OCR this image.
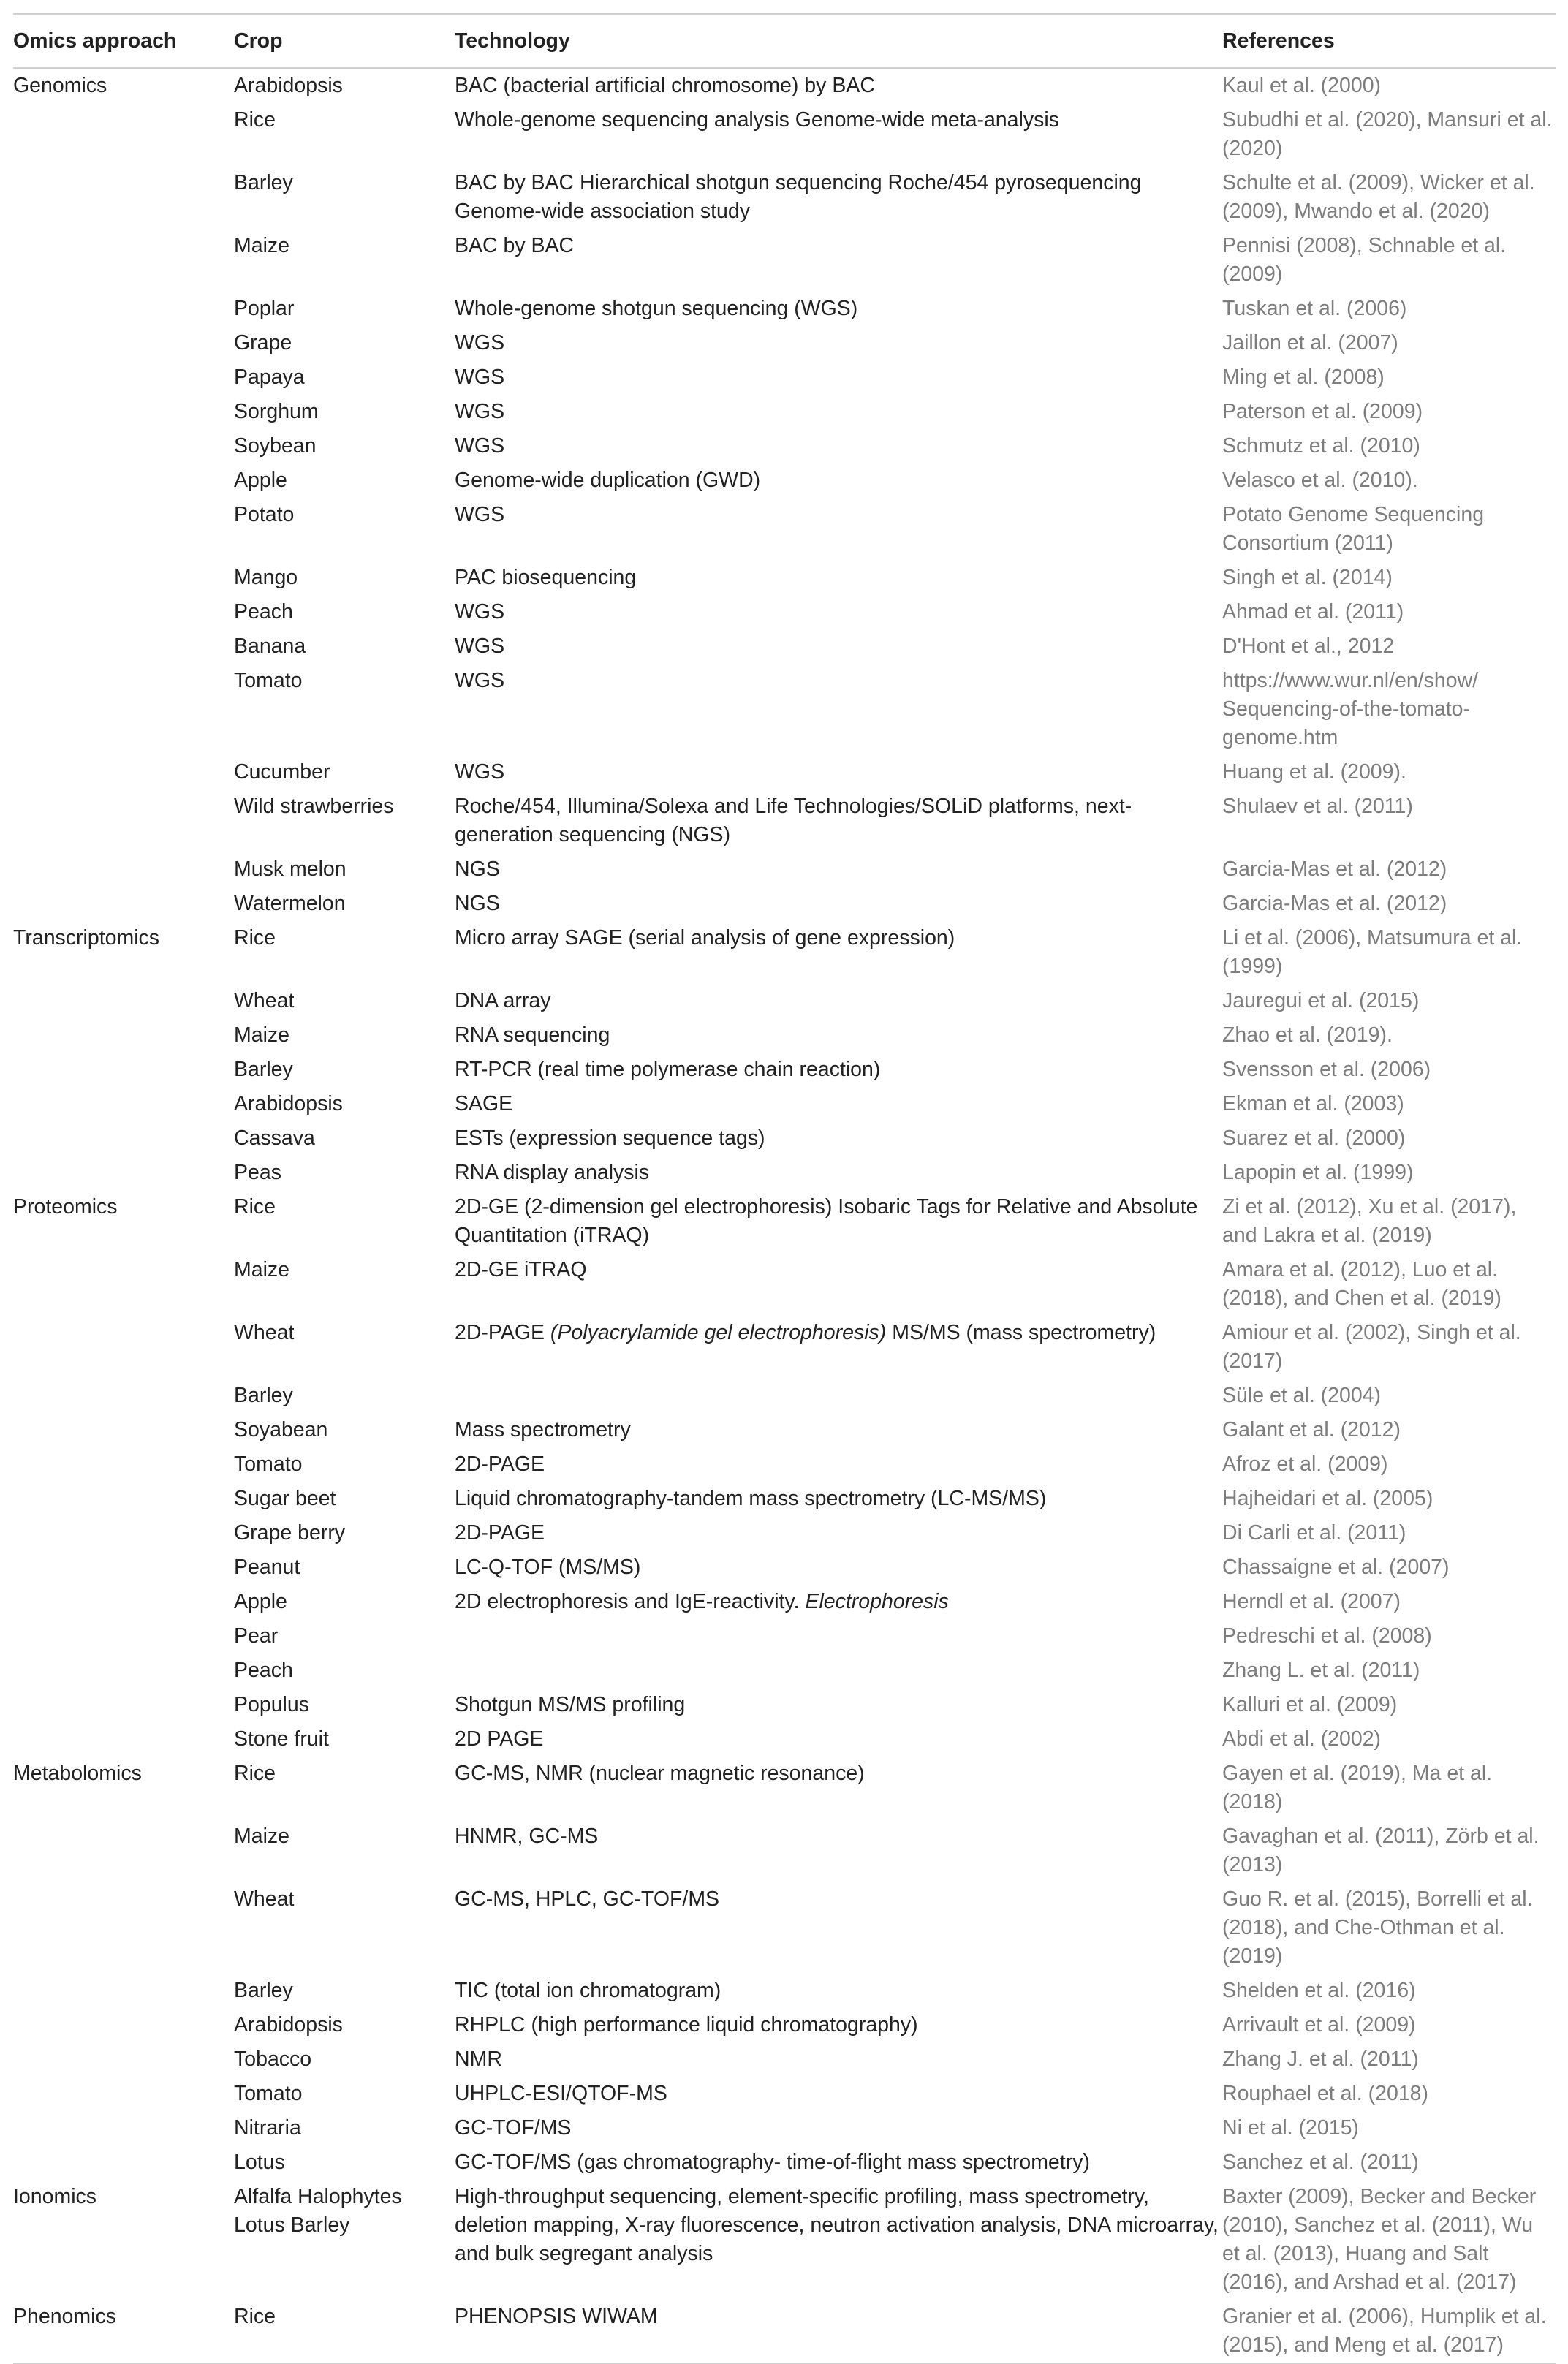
Omics approach	Crop	Technology	References
Genomics	Arabidopsis	BAC (bacterial artificial chromosome) by BAC	Kaul et al. (2000)
	Rice	Whole-genome sequencing analysis Genome-wide meta-analysis	Subudhi et al. (2020), Mansuri et al. (2020)
	Barley	BAC by BAC Hierarchical shotgun sequencing Roche/454 pyrosequencing Genome-wide association study	Schulte et al. (2009), Wicker et al. (2009), Mwando et al. (2020)
	Maize	BAC by BAC	Pennisi (2008), Schnable et al. (2009)
	Poplar	Whole-genome shotgun sequencing (WGS)	Tuskan et al. (2006)
	Grape	WGS	Jaillon et al. (2007)
	Papaya	WGS	Ming et al. (2008)
	Sorghum	WGS	Paterson et al. (2009)
	Soybean	WGS	Schmutz et al. (2010)
	Apple	Genome-wide duplication (GWD)	Velasco et al. (2010).
	Potato	WGS	Potato Genome Sequencing Consortium (2011)
	Mango	PAC biosequencing	Singh et al. (2014)
	Peach	WGS	Ahmad et al. (2011)
	Banana	WGS	D'Hont et al., 2012
	Tomato	WGS	https://www.wur.nl/en/show/ Sequencing-of-the-tomato-genome.htm
	Cucumber	WGS	Huang et al. (2009).
	Wild strawberries	Roche/454, Illumina/Solexa and Life Technologies/SOLiD platforms, next-generation sequencing (NGS)	Shulaev et al. (2011)
	Musk melon	NGS	Garcia-Mas et al. (2012)
	Watermelon	NGS	Garcia-Mas et al. (2012)
Transcriptomics	Rice	Micro array SAGE (serial analysis of gene expression)	Li et al. (2006), Matsumura et al. (1999)
	Wheat	DNA array	Jauregui et al. (2015)
	Maize	RNA sequencing	Zhao et al. (2019).
	Barley	RT-PCR (real time polymerase chain reaction)	Svensson et al. (2006)
	Arabidopsis	SAGE	Ekman et al. (2003)
	Cassava	ESTs (expression sequence tags)	Suarez et al. (2000)
	Peas	RNA display analysis	Lapopin et al. (1999)
Proteomics	Rice	2D-GE (2-dimension gel electrophoresis) Isobaric Tags for Relative and Absolute Quantitation (iTRAQ)	Zi et al. (2012), Xu et al. (2017), and Lakra et al. (2019)
	Maize	2D-GE iTRAQ	Amara et al. (2012), Luo et al. (2018), and Chen et al. (2019)
	Wheat	2D-PAGE (Polyacrylamide gel electrophoresis) MS/MS (mass spectrometry)	Amiour et al. (2002), Singh et al. (2017)
	Barley		Süle et al. (2004)
	Soyabean	Mass spectrometry	Galant et al. (2012)
	Tomato	2D-PAGE	Afroz et al. (2009)
	Sugar beet	Liquid chromatography-tandem mass spectrometry (LC-MS/MS)	Hajheidari et al. (2005)
	Grape berry	2D-PAGE	Di Carli et al. (2011)
	Peanut	LC-Q-TOF (MS/MS)	Chassaigne et al. (2007)
	Apple	2D electrophoresis and IgE-reactivity. Electrophoresis	Herndl et al. (2007)
	Pear		Pedreschi et al. (2008)
	Peach		Zhang L. et al. (2011)
	Populus	Shotgun MS/MS profiling	Kalluri et al. (2009)
	Stone fruit	2D PAGE	Abdi et al. (2002)
Metabolomics	Rice	GC-MS, NMR (nuclear magnetic resonance)	Gayen et al. (2019), Ma et al. (2018)
	Maize	HNMR, GC-MS	Gavaghan et al. (2011), Zörb et al. (2013)
	Wheat	GC-MS, HPLC, GC-TOF/MS	Guo R. et al. (2015), Borrelli et al. (2018), and Che-Othman et al. (2019)
	Barley	TIC (total ion chromatogram)	Shelden et al. (2016)
	Arabidopsis	RHPLC (high performance liquid chromatography)	Arrivault et al. (2009)
	Tobacco	NMR	Zhang J. et al. (2011)
	Tomato	UHPLC-ESI/QTOF-MS	Rouphael et al. (2018)
	Nitraria	GC-TOF/MS	Ni et al. (2015)
	Lotus	GC-TOF/MS (gas chromatography- time-of-flight mass spectrometry)	Sanchez et al. (2011)
Ionomics	Alfalfa Halophytes Lotus Barley	High-throughput sequencing, element-specific profiling, mass spectrometry, deletion mapping, X-ray fluorescence, neutron activation analysis, DNA microarray, and bulk segregant analysis	Baxter (2009), Becker and Becker (2010), Sanchez et al. (2011), Wu et al. (2013), Huang and Salt (2016), and Arshad et al. (2017)
Phenomics	Rice	PHENOPSIS WIWAM	Granier et al. (2006), Humplik et al. (2015), and Meng et al. (2017)
